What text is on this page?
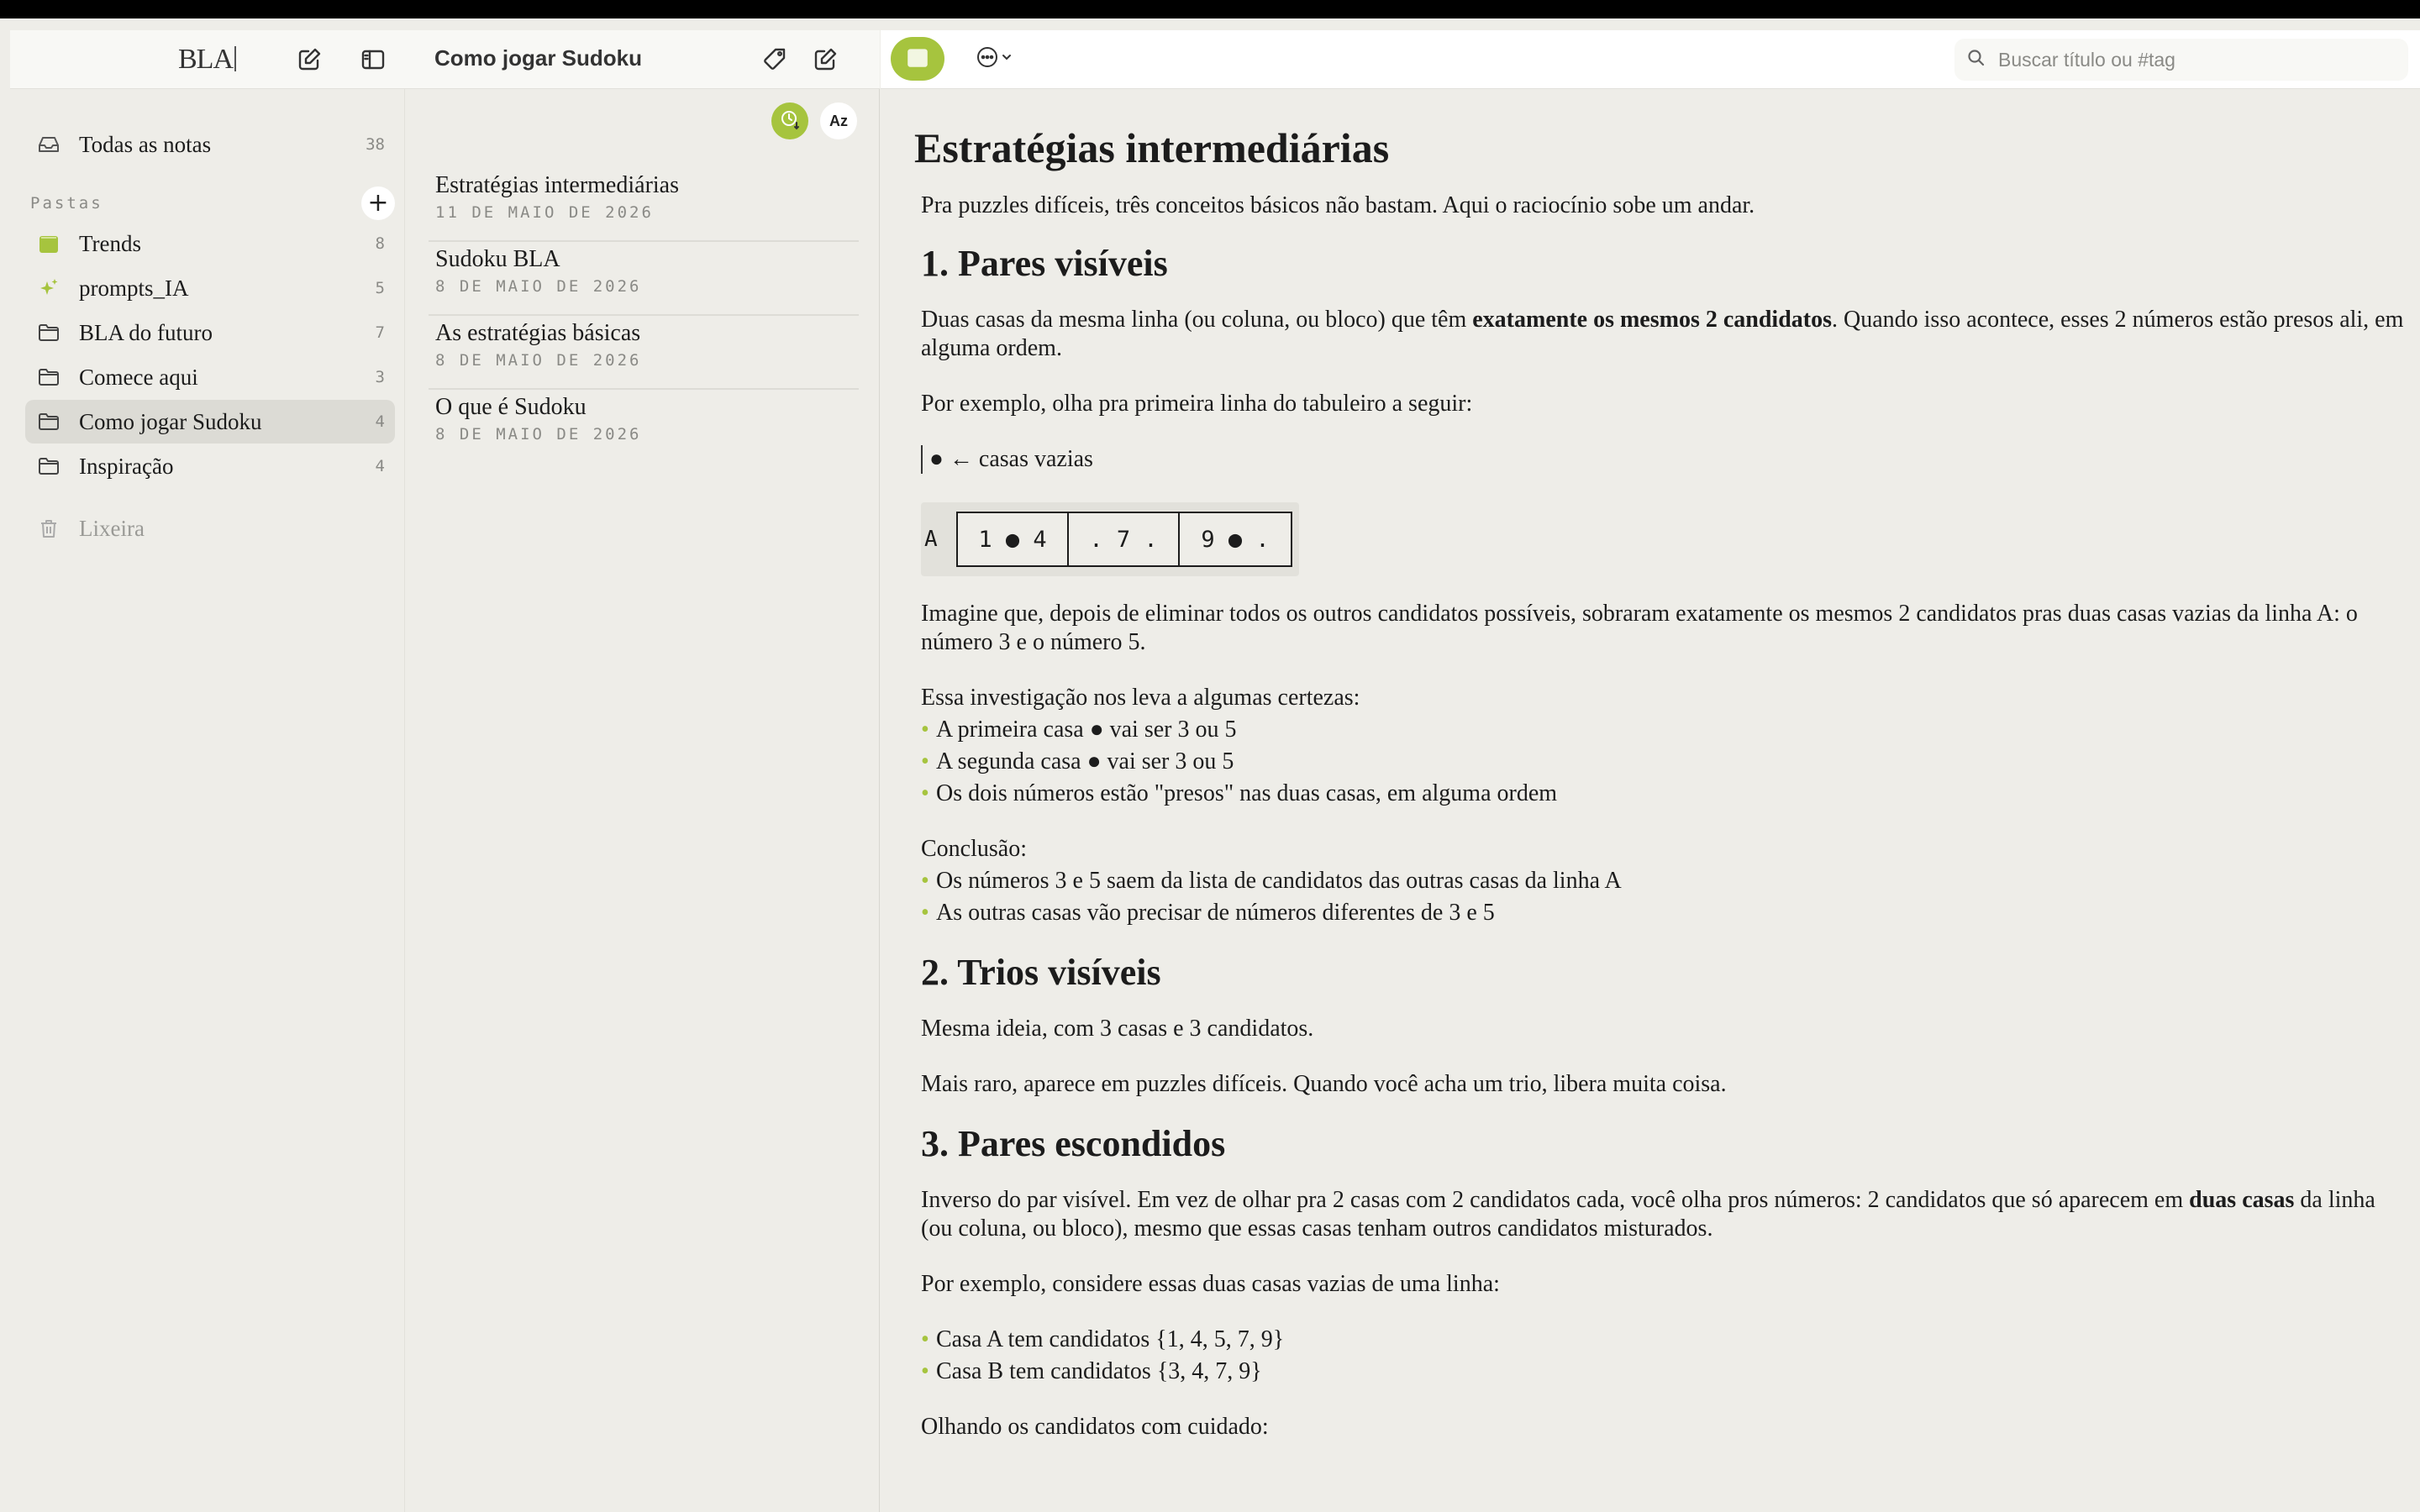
BLA
Todas as notas	38
Pastas	+
Trends	8
prompts_IA	5
BLA do futuro	7
Comece aqui	3
Como jogar Sudoku	4
Inspiração	4
Lixeira
Como jogar Sudoku
Az
Estratégias intermediárias
11 DE MAIO DE 2026
Sudoku BLA
8 DE MAIO DE 2026
As estratégias básicas
8 DE MAIO DE 2026
O que é Sudoku
8 DE MAIO DE 2026
Buscar título ou #tag
Estratégias intermediárias

Pra puzzles difíceis, três conceitos básicos não bastam. Aqui o raciocínio sobe um andar.

1. Pares visíveis

Duas casas da mesma linha (ou coluna, ou bloco) que têm exatamente os mesmos 2 candidatos. Quando isso acontece, esses 2 números estão presos ali, em alguma ordem.

Por exemplo, olha pra primeira linha do tabuleiro a seguir:

● ← casas vazias

A	1 ● 4	. 7 .	9 ● .

Imagine que, depois de eliminar todos os outros candidatos possíveis, sobraram exatamente os mesmos 2 candidatos pras duas casas vazias da linha A: o número 3 e o número 5.

Essa investigação nos leva a algumas certezas:

• A primeira casa ● vai ser 3 ou 5
• A segunda casa ● vai ser 3 ou 5
• Os dois números estão "presos" nas duas casas, em alguma ordem

Conclusão:

• Os números 3 e 5 saem da lista de candidatos das outras casas da linha A
• As outras casas vão precisar de números diferentes de 3 e 5
2. Trios visíveis

Mesma ideia, com 3 casas e 3 candidatos.

Mais raro, aparece em puzzles difíceis. Quando você acha um trio, libera muita coisa.

3. Pares escondidos

Inverso do par visível. Em vez de olhar pra 2 casas com 2 candidatos cada, você olha pros números: 2 candidatos que só aparecem em duas casas da linha (ou coluna, ou bloco), mesmo que essas casas tenham outros candidatos misturados.

Por exemplo, considere essas duas casas vazias de uma linha:

• Casa A tem candidatos {1, 4, 5, 7, 9}
• Casa B tem candidatos {3, 4, 7, 9}

Olhando os candidatos com cuidado:
